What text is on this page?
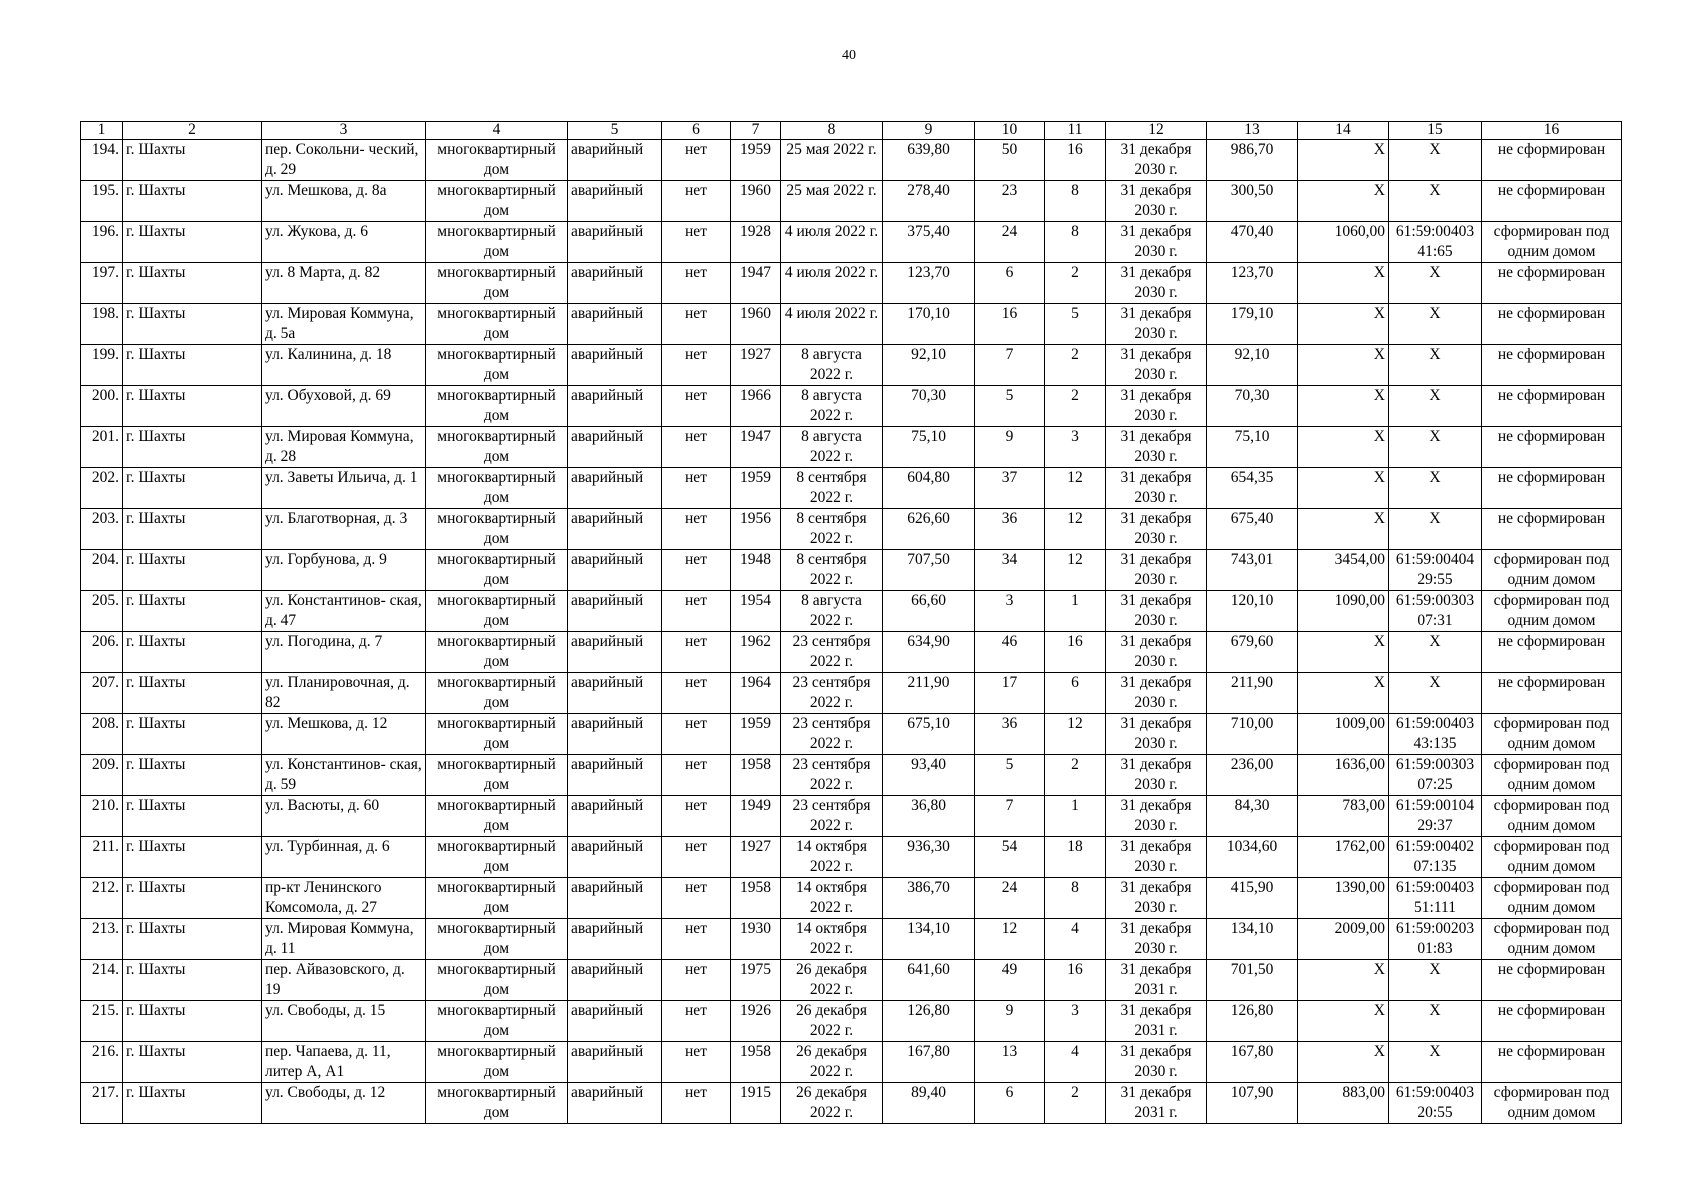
40
1	2	3	4	5	6	7	8	9	10	11	12	13	14	15	16
194.	г. Шахты	пер. Сокольни- ческий, д. 29	многоквартирный дом	аварийный	нет	1959	25 мая 2022 г.	639,80	50	16	31 декабря 2030 г.	986,70	X	X	не сформирован
195.	г. Шахты	ул. Мешкова, д. 8а	многоквартирный дом	аварийный	нет	1960	25 мая 2022 г.	278,40	23	8	31 декабря 2030 г.	300,50	X	X	не сформирован
196.	г. Шахты	ул. Жукова, д. 6	многоквартирный дом	аварийный	нет	1928	4 июля 2022 г.	375,40	24	8	31 декабря 2030 г.	470,40	1060,00	61:59:00403 41:65	сформирован под одним домом
197.	г. Шахты	ул. 8 Марта, д. 82	многоквартирный дом	аварийный	нет	1947	4 июля 2022 г.	123,70	6	2	31 декабря 2030 г.	123,70	X	X	не сформирован
198.	г. Шахты	ул. Мировая Коммуна, д. 5а	многоквартирный дом	аварийный	нет	1960	4 июля 2022 г.	170,10	16	5	31 декабря 2030 г.	179,10	X	X	не сформирован
199.	г. Шахты	ул. Калинина, д. 18	многоквартирный дом	аварийный	нет	1927	8 августа 2022 г.	92,10	7	2	31 декабря 2030 г.	92,10	X	X	не сформирован
200.	г. Шахты	ул. Обуховой, д. 69	многоквартирный дом	аварийный	нет	1966	8 августа 2022 г.	70,30	5	2	31 декабря 2030 г.	70,30	X	X	не сформирован
201.	г. Шахты	ул. Мировая Коммуна, д. 28	многоквартирный дом	аварийный	нет	1947	8 августа 2022 г.	75,10	9	3	31 декабря 2030 г.	75,10	X	X	не сформирован
202.	г. Шахты	ул. Заветы Ильича, д. 1	многоквартирный дом	аварийный	нет	1959	8 сентября 2022 г.	604,80	37	12	31 декабря 2030 г.	654,35	X	X	не сформирован
203.	г. Шахты	ул. Благотворная, д. 3	многоквартирный дом	аварийный	нет	1956	8 сентября 2022 г.	626,60	36	12	31 декабря 2030 г.	675,40	X	X	не сформирован
204.	г. Шахты	ул. Горбунова, д. 9	многоквартирный дом	аварийный	нет	1948	8 сентября 2022 г.	707,50	34	12	31 декабря 2030 г.	743,01	3454,00	61:59:00404 29:55	сформирован под одним домом
205.	г. Шахты	ул. Константинов- ская, д. 47	многоквартирный дом	аварийный	нет	1954	8 августа 2022 г.	66,60	3	1	31 декабря 2030 г.	120,10	1090,00	61:59:00303 07:31	сформирован под одним домом
206.	г. Шахты	ул. Погодина, д. 7	многоквартирный дом	аварийный	нет	1962	23 сентября 2022 г.	634,90	46	16	31 декабря 2030 г.	679,60	X	X	не сформирован
207.	г. Шахты	ул. Планировочная, д. 82	многоквартирный дом	аварийный	нет	1964	23 сентября 2022 г.	211,90	17	6	31 декабря 2030 г.	211,90	X	X	не сформирован
208.	г. Шахты	ул. Мешкова, д. 12	многоквартирный дом	аварийный	нет	1959	23 сентября 2022 г.	675,10	36	12	31 декабря 2030 г.	710,00	1009,00	61:59:00403 43:135	сформирован под одним домом
209.	г. Шахты	ул. Константинов- ская, д. 59	многоквартирный дом	аварийный	нет	1958	23 сентября 2022 г.	93,40	5	2	31 декабря 2030 г.	236,00	1636,00	61:59:00303 07:25	сформирован под одним домом
210.	г. Шахты	ул. Васюты, д. 60	многоквартирный дом	аварийный	нет	1949	23 сентября 2022 г.	36,80	7	1	31 декабря 2030 г.	84,30	783,00	61:59:00104 29:37	сформирован под одним домом
211.	г. Шахты	ул. Турбинная, д. 6	многоквартирный дом	аварийный	нет	1927	14 октября 2022 г.	936,30	54	18	31 декабря 2030 г.	1034,60	1762,00	61:59:00402 07:135	сформирован под одним домом
212.	г. Шахты	пр-кт Ленинского Комсомола, д. 27	многоквартирный дом	аварийный	нет	1958	14 октября 2022 г.	386,70	24	8	31 декабря 2030 г.	415,90	1390,00	61:59:00403 51:111	сформирован под одним домом
213.	г. Шахты	ул. Мировая Коммуна, д. 11	многоквартирный дом	аварийный	нет	1930	14 октября 2022 г.	134,10	12	4	31 декабря 2030 г.	134,10	2009,00	61:59:00203 01:83	сформирован под одним домом
214.	г. Шахты	пер. Айвазовского, д. 19	многоквартирный дом	аварийный	нет	1975	26 декабря 2022 г.	641,60	49	16	31 декабря 2031 г.	701,50	X	X	не сформирован
215.	г. Шахты	ул. Свободы, д. 15	многоквартирный дом	аварийный	нет	1926	26 декабря 2022 г.	126,80	9	3	31 декабря 2031 г.	126,80	X	X	не сформирован
216.	г. Шахты	пер. Чапаева, д. 11, литер А, А1	многоквартирный дом	аварийный	нет	1958	26 декабря 2022 г.	167,80	13	4	31 декабря 2030 г.	167,80	X	X	не сформирован
217.	г. Шахты	ул. Свободы, д. 12	многоквартирный дом	аварийный	нет	1915	26 декабря 2022 г.	89,40	6	2	31 декабря 2031 г.	107,90	883,00	61:59:00403 20:55	сформирован под одним домом
